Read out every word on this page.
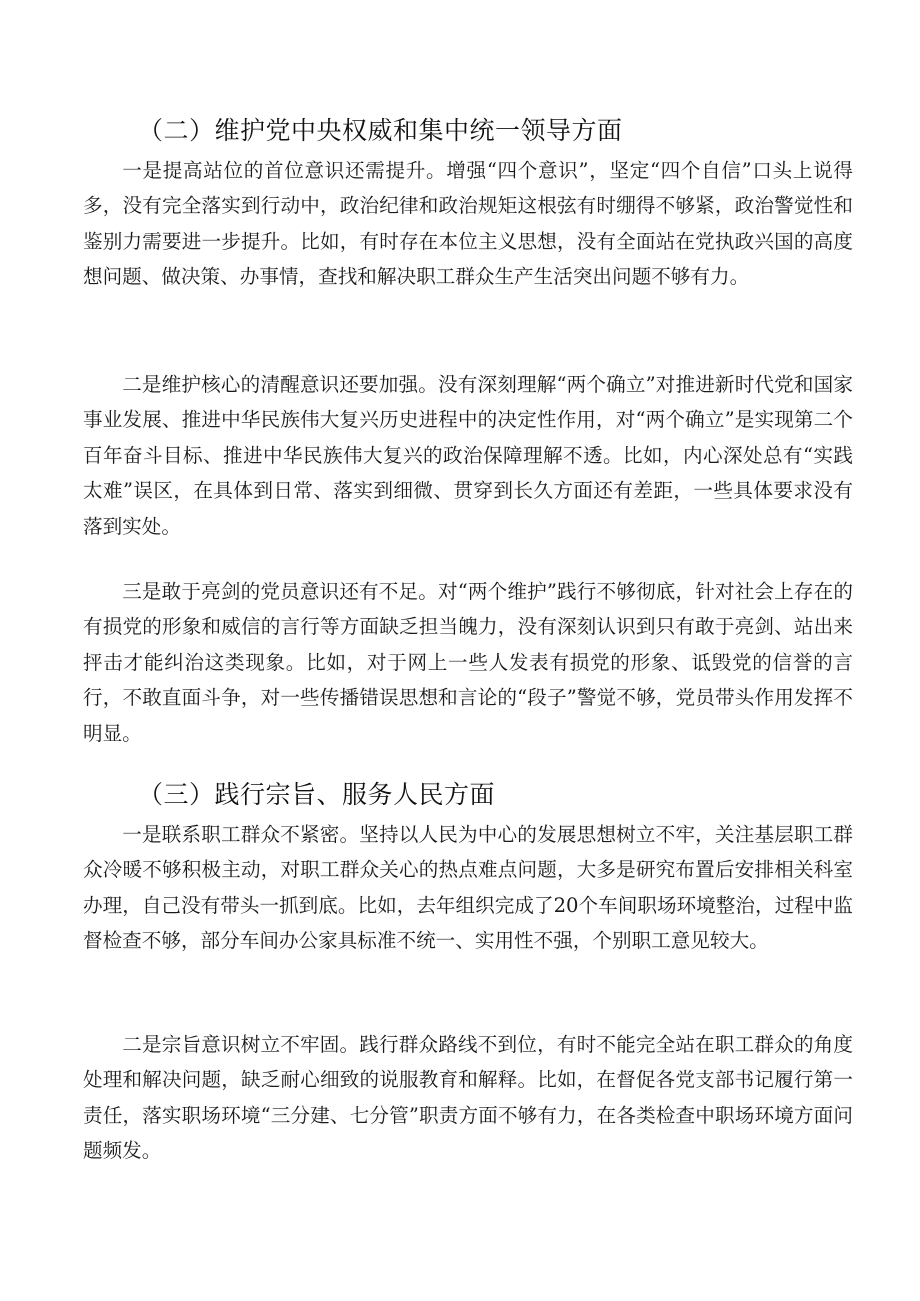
（二）维护党中央权威和集中统一领导方面

一是提高站位的首位意识还需提升。增强“四个意识”，坚定“四个自信”口头上说得多，没有完全落实到行动中，政治纪律和政治规矩这根弦有时绷得不够紧，政治警觉性和鉴别力需要进一步提升。比如，有时存在本位主义思想，没有全面站在党执政兴国的高度想问题、做决策、办事情，查找和解决职工群众生产生活突出问题不够有力。

二是维护核心的清醒意识还要加强。没有深刻理解“两个确立”对推进新时代党和国家事业发展、推进中华民族伟大复兴历史进程中的决定性作用，对“两个确立”是实现第二个百年奋斗目标、推进中华民族伟大复兴的政治保障理解不透。比如，内心深处总有“实践太难”误区，在具体到日常、落实到细微、贯穿到长久方面还有差距，一些具体要求没有落到实处。

三是敢于亮剑的党员意识还有不足。对“两个维护”践行不够彻底，针对社会上存在的有损党的形象和威信的言行等方面缺乏担当魄力，没有深刻认识到只有敢于亮剑、站出来抨击才能纠治这类现象。比如，对于网上一些人发表有损党的形象、诋毁党的信誉的言行，不敢直面斗争，对一些传播错误思想和言论的“段子”警觉不够，党员带头作用发挥不明显。

（三）践行宗旨、服务人民方面

一是联系职工群众不紧密。坚持以人民为中心的发展思想树立不牢，关注基层职工群众冷暖不够积极主动，对职工群众关心的热点难点问题，大多是研究布置后安排相关科室办理，自己没有带头一抓到底。比如，去年组织完成了20个车间职场环境整治，过程中监督检查不够，部分车间办公家具标准不统一、实用性不强，个别职工意见较大。

二是宗旨意识树立不牢固。践行群众路线不到位，有时不能完全站在职工群众的角度处理和解决问题，缺乏耐心细致的说服教育和解释。比如，在督促各党支部书记履行第一责任，落实职场环境“三分建、七分管”职责方面不够有力，在各类检查中职场环境方面问题频发。
